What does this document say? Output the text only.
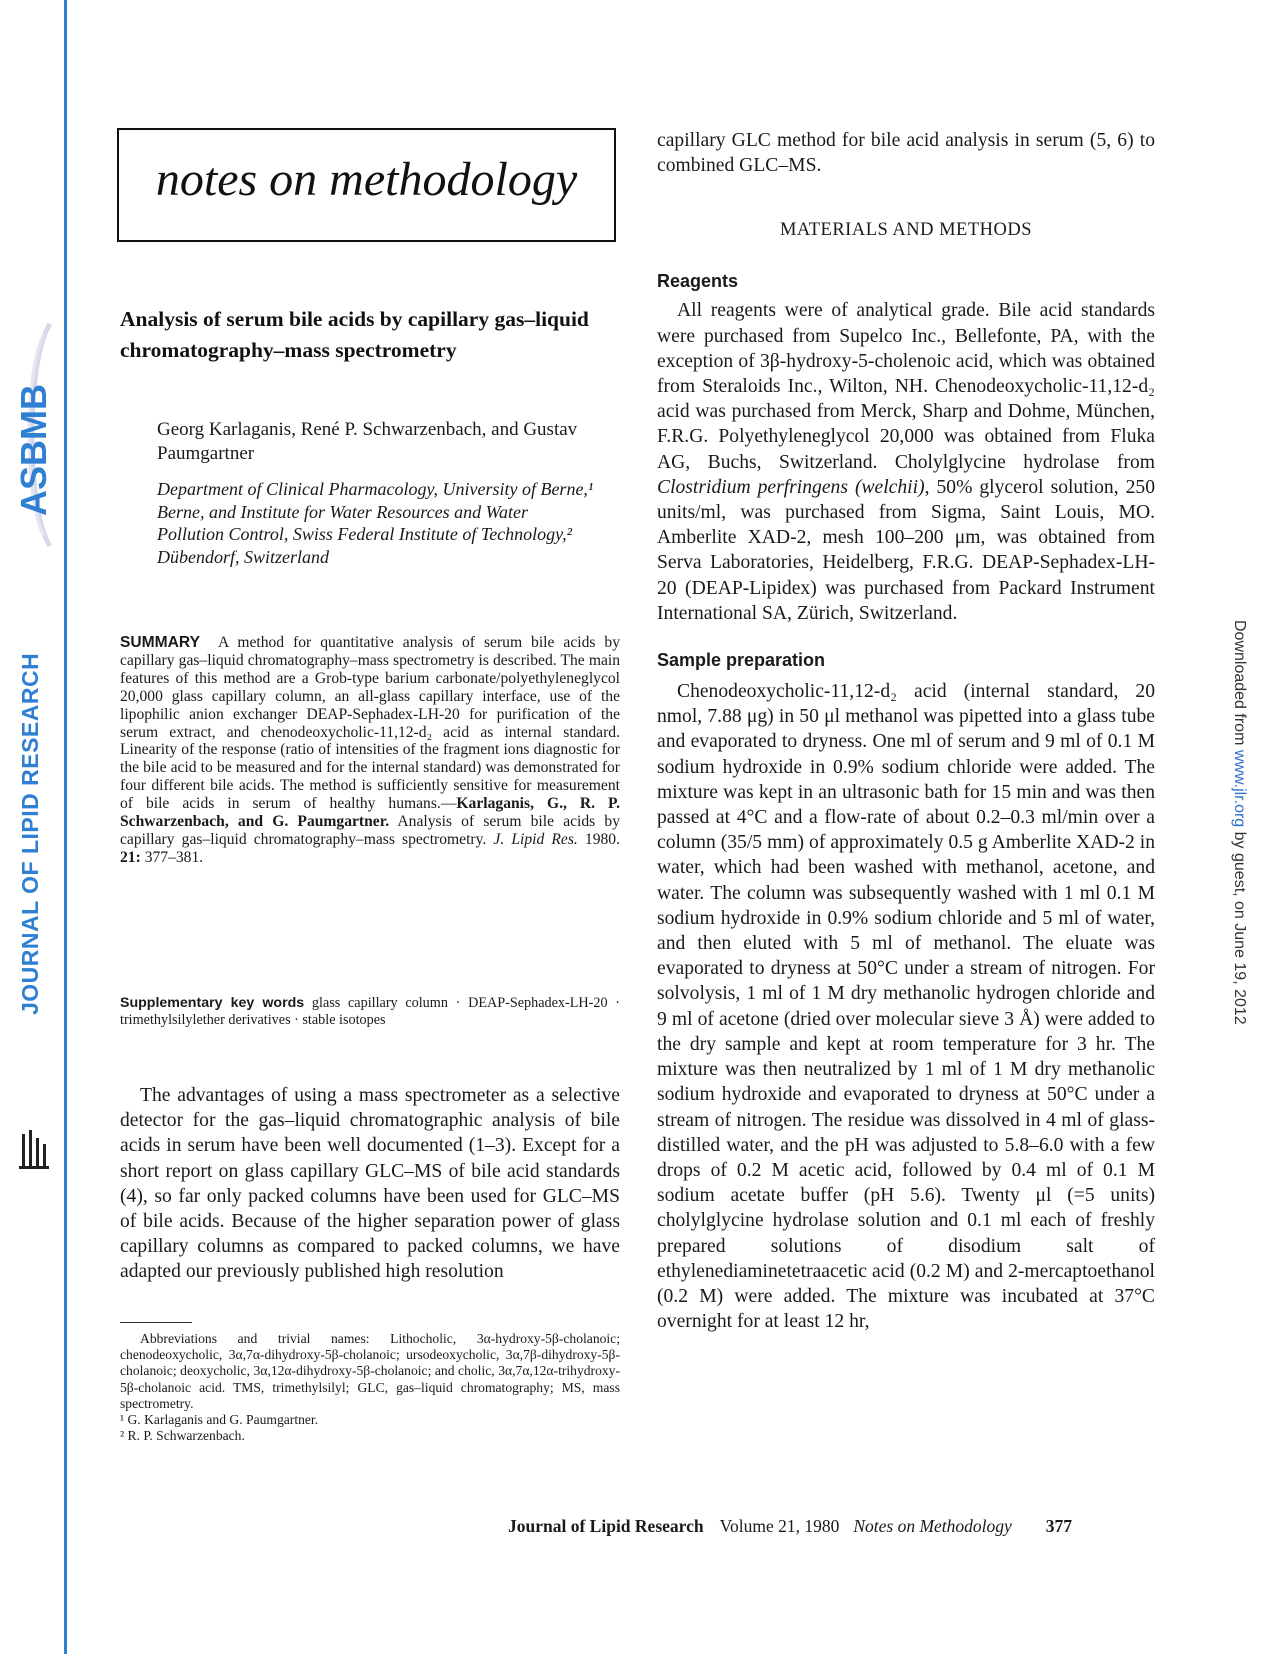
ASBMB
JOURNAL OF LIPID RESEARCH	Downloaded from www.jlr.org by guest, on June 19, 2012
notes on methodology
Analysis of serum bile acids by capillary gas–liquid chromatography–mass spectrometry
Georg Karlaganis, René P. Schwarzenbach, and Gustav Paumgartner
Department of Clinical Pharmacology, University of Berne,¹ Berne, and Institute for Water Resources and Water Pollution Control, Swiss Federal Institute of Technology,² Dübendorf, Switzerland

SUMMARY A method for quantitative analysis of serum bile acids by capillary gas–liquid chromatography–mass spectrometry is described. The main features of this method are a Grob-type barium carbonate/polyethyleneglycol 20,000 glass capillary column, an all-glass capillary interface, use of the lipophilic anion exchanger DEAP-Sephadex-LH-20 for purification of the serum extract, and chenodeoxycholic-11,12-d₂ acid as internal standard. Linearity of the response (ratio of intensities of the fragment ions diagnostic for the bile acid to be measured and for the internal standard) was demonstrated for four different bile acids. The method is sufficiently sensitive for measurement of bile acids in serum of healthy humans.—Karlaganis, G., R. P. Schwarzenbach, and G. Paumgartner. Analysis of serum bile acids by capillary gas–liquid chromatography–mass spectrometry. J. Lipid Res. 1980. 21: 377–381.

Supplementary key words glass capillary column · DEAP-Sephadex-LH-20 · trimethylsilylether derivatives · stable isotopes

The advantages of using a mass spectrometer as a selective detector for the gas–liquid chromatographic analysis of bile acids in serum have been well documented (1–3). Except for a short report on glass capillary GLC–MS of bile acid standards (4), so far only packed columns have been used for GLC–MS of bile acids. Because of the higher separation power of glass capillary columns as compared to packed columns, we have adapted our previously published high resolution

Abbreviations and trivial names: Lithocholic, 3α-hydroxy-5β-cholanoic; chenodeoxycholic, 3α,7α-dihydroxy-5β-cholanoic; ursodeoxycholic, 3α,7β-dihydroxy-5β-cholanoic; deoxycholic, 3α,12α-dihydroxy-5β-cholanoic; and cholic, 3α,7α,12α-trihydroxy-5β-cholanoic acid. TMS, trimethylsilyl; GLC, gas–liquid chromatography; MS, mass spectrometry.

¹ G. Karlaganis and G. Paumgartner.

² R. P. Schwarzenbach.

capillary GLC method for bile acid analysis in serum (5, 6) to combined GLC–MS.

MATERIALS AND METHODS

Reagents

All reagents were of analytical grade. Bile acid standards were purchased from Supelco Inc., Bellefonte, PA, with the exception of 3β-hydroxy-5-cholenoic acid, which was obtained from Steraloids Inc., Wilton, NH. Chenodeoxycholic-11,12-d₂ acid was purchased from Merck, Sharp and Dohme, München, F.R.G. Polyethyleneglycol 20,000 was obtained from Fluka AG, Buchs, Switzerland. Cholylglycine hydrolase from Clostridium perfringens (welchii), 50% glycerol solution, 250 units/ml, was purchased from Sigma, Saint Louis, MO. Amberlite XAD-2, mesh 100–200 μm, was obtained from Serva Laboratories, Heidelberg, F.R.G. DEAP-Sephadex-LH-20 (DEAP-Lipidex) was purchased from Packard Instrument International SA, Zürich, Switzerland.

Sample preparation

Chenodeoxycholic-11,12-d₂ acid (internal standard, 20 nmol, 7.88 μg) in 50 μl methanol was pipetted into a glass tube and evaporated to dryness. One ml of serum and 9 ml of 0.1 M sodium hydroxide in 0.9% sodium chloride were added. The mixture was kept in an ultrasonic bath for 15 min and was then passed at 4°C and a flow-rate of about 0.2–0.3 ml/min over a column (35/5 mm) of approximately 0.5 g Amberlite XAD-2 in water, which had been washed with methanol, acetone, and water. The column was subsequently washed with 1 ml 0.1 M sodium hydroxide in 0.9% sodium chloride and 5 ml of water, and then eluted with 5 ml of methanol. The eluate was evaporated to dryness at 50°C under a stream of nitrogen. For solvolysis, 1 ml of 1 M dry methanolic hydrogen chloride and 9 ml of acetone (dried over molecular sieve 3 Å) were added to the dry sample and kept at room temperature for 3 hr. The mixture was then neutralized by 1 ml of 1 M dry methanolic sodium hydroxide and evaporated to dryness at 50°C under a stream of nitrogen. The residue was dissolved in 4 ml of glass-distilled water, and the pH was adjusted to 5.8–6.0 with a few drops of 0.2 M acetic acid, followed by 0.4 ml of 0.1 M sodium acetate buffer (pH 5.6). Twenty μl (=5 units) cholylglycine hydrolase solution and 0.1 ml each of freshly prepared solutions of disodium salt of ethylenediaminetetraacetic acid (0.2 M) and 2-mercaptoethanol (0.2 M) were added. The mixture was incubated at 37°C overnight for at least 12 hr,

Journal of Lipid Research Volume 21, 1980 Notes on Methodology 377
